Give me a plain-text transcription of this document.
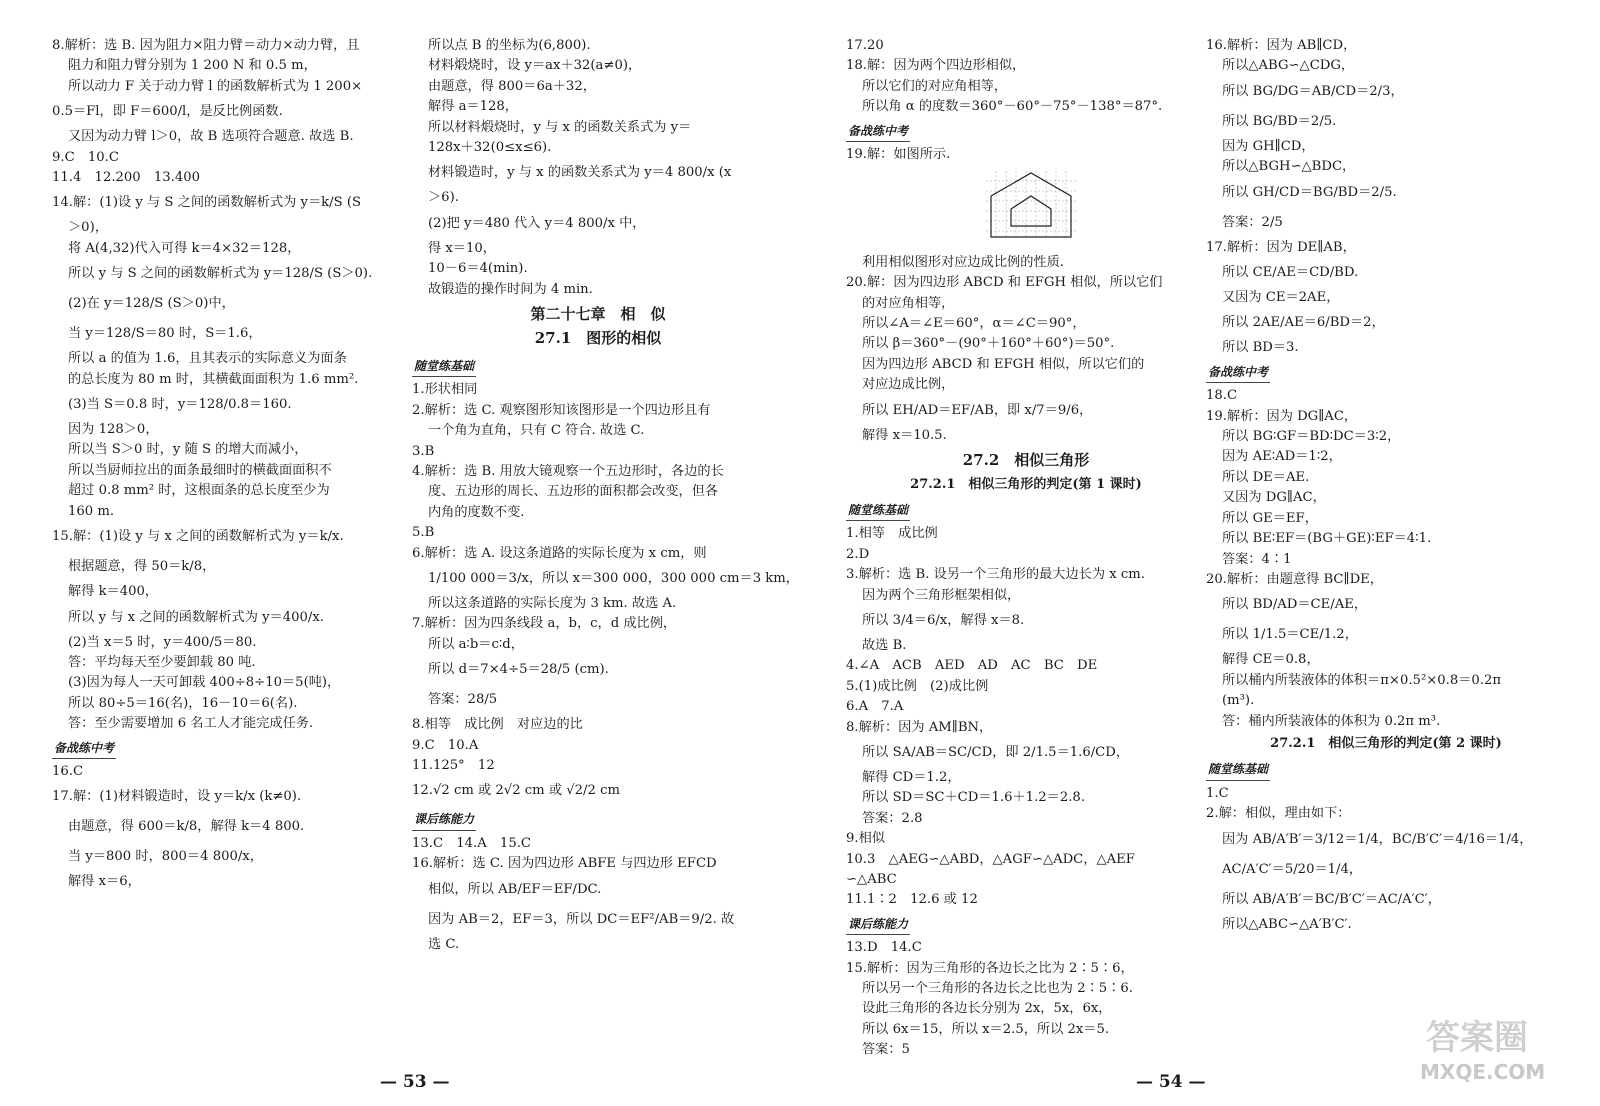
8.解析：选 B. 因为阻力×阻力臂＝动力×动力臂，且

阻力和阻力臂分别为 1 200 N 和 0.5 m，

所以动力 F 关于动力臂 l 的函数解析式为 1 200×

0.5＝Fl，即 F＝600/l，是反比例函数.

又因为动力臂 l＞0，故 B 选项符合题意. 故选 B.

9.C　10.C

11.4　12.200　13.400

14.解：(1)设 y 与 S 之间的函数解析式为 y＝k/S (S

＞0)，

将 A(4,32)代入可得 k＝4×32＝128，

所以 y 与 S 之间的函数解析式为 y＝128/S (S＞0).

(2)在 y＝128/S (S＞0)中，

当 y＝128/S＝80 时，S＝1.6，

所以 a 的值为 1.6，且其表示的实际意义为面条

的总长度为 80 m 时，其横截面面积为 1.6 mm².

(3)当 S＝0.8 时，y＝128/0.8＝160.

因为 128＞0，

所以当 S＞0 时，y 随 S 的增大而减小，

所以当厨师拉出的面条最细时的横截面面积不

超过 0.8 mm² 时，这根面条的总长度至少为

160 m.

15.解：(1)设 y 与 x 之间的函数解析式为 y＝k/x.

根据题意，得 50＝k/8，

解得 k＝400，

所以 y 与 x 之间的函数解析式为 y＝400/x.

(2)当 x＝5 时，y＝400/5＝80.

答：平均每天至少要卸载 80 吨.

(3)因为每人一天可卸载 400÷8÷10＝5(吨)，

所以 80÷5＝16(名)，16－10＝6(名).

答：至少需要增加 6 名工人才能完成任务.

备战练中考

16.C

17.解：(1)材料锻造时，设 y＝k/x (k≠0).

由题意，得 600＝k/8，解得 k＝4 800.

当 y＝800 时，800＝4 800/x，

解得 x＝6，

所以点 B 的坐标为(6,800).

材料煅烧时，设 y＝ax＋32(a≠0)，

由题意，得 800＝6a＋32，

解得 a＝128，

所以材料煅烧时，y 与 x 的函数关系式为 y＝

128x＋32(0≤x≤6).

材料锻造时，y 与 x 的函数关系式为 y＝4 800/x (x

＞6).

(2)把 y＝480 代入 y＝4 800/x 中，

得 x＝10，

10－6＝4(min).

故锻造的操作时间为 4 min.

第二十七章　相　似

27.1　图形的相似

随堂练基础

1.形状相同

2.解析：选 C. 观察图形知该图形是一个四边形且有

一个角为直角，只有 C 符合. 故选 C.

3.B

4.解析：选 B. 用放大镜观察一个五边形时，各边的长

度、五边形的周长、五边形的面积都会改变，但各

内角的度数不变.

5.B

6.解析：选 A. 设这条道路的实际长度为 x cm，则

1/100 000＝3/x，所以 x＝300 000，300 000 cm＝3 km，

所以这条道路的实际长度为 3 km. 故选 A.

7.解析：因为四条线段 a，b，c，d 成比例，

所以 a∶b＝c∶d，

所以 d＝7×4÷5＝28/5 (cm).

答案：28/5

8.相等　成比例　对应边的比

9.C　10.A

11.125°　12

12.√2 cm 或 2√2 cm 或 √2/2 cm

课后练能力

13.C　14.A　15.C

16.解析：选 C. 因为四边形 ABFE 与四边形 EFCD

相似，所以 AB/EF＝EF/DC.

因为 AB＝2，EF＝3，所以 DC＝EF²/AB＝9/2. 故

选 C.

17.20

18.解：因为两个四边形相似，

所以它们的对应角相等，

所以角 α 的度数＝360°－60°－75°－138°＝87°.

备战练中考

19.解：如图所示.

利用相似图形对应边成比例的性质.

20.解：因为四边形 ABCD 和 EFGH 相似，所以它们

的对应角相等，

所以∠A＝∠E＝60°，α＝∠C＝90°，

所以 β＝360°－(90°＋160°＋60°)＝50°.

因为四边形 ABCD 和 EFGH 相似，所以它们的

对应边成比例，

所以 EH/AD＝EF/AB，即 x/7＝9/6，

解得 x＝10.5.

27.2　相似三角形

27.2.1　相似三角形的判定(第 1 课时)

随堂练基础

1.相等　成比例

2.D

3.解析：选 B. 设另一个三角形的最大边长为 x cm.

因为两个三角形框架相似，

所以 3/4＝6/x，解得 x＝8.

故选 B.

4.∠A　ACB　AED　AD　AC　BC　DE

5.(1)成比例　(2)成比例

6.A　7.A

8.解析：因为 AM∥BN，

所以 SA/AB＝SC/CD，即 2/1.5＝1.6/CD，

解得 CD＝1.2，

所以 SD＝SC＋CD＝1.6＋1.2＝2.8.

答案：2.8

9.相似

10.3　△AEG∽△ABD，△AGF∽△ADC，△AEF

∽△ABC

11.1∶2　12.6 或 12

课后练能力

13.D　14.C

15.解析：因为三角形的各边长之比为 2∶5∶6，

所以另一个三角形的各边长之比也为 2∶5∶6.

设此三角形的各边长分别为 2x，5x，6x，

所以 6x＝15，所以 x＝2.5，所以 2x＝5.

答案：5

16.解析：因为 AB∥CD，

所以△ABG∽△CDG，

所以 BG/DG＝AB/CD＝2/3，

所以 BG/BD＝2/5.

因为 GH∥CD，

所以△BGH∽△BDC，

所以 GH/CD＝BG/BD＝2/5.

答案：2/5

17.解析：因为 DE∥AB，

所以 CE/AE＝CD/BD.

又因为 CE＝2AE，

所以 2AE/AE＝6/BD＝2，

所以 BD＝3.

备战练中考

18.C

19.解析：因为 DG∥AC，

所以 BG∶GF＝BD∶DC＝3∶2，

因为 AE∶AD＝1∶2，

所以 DE＝AE.

又因为 DG∥AC，

所以 GE＝EF，

所以 BE∶EF＝(BG＋GE)∶EF＝4∶1.

答案：4∶1

20.解析：由题意得 BC∥DE，

所以 BD/AD＝CE/AE，

所以 1/1.5＝CE/1.2，

解得 CE＝0.8，

所以桶内所装液体的体积＝π×0.5²×0.8＝0.2π

(m³).

答：桶内所装液体的体积为 0.2π m³.

27.2.1　相似三角形的判定(第 2 课时)

随堂练基础

1.C

2.解：相似，理由如下：

因为 AB/A′B′＝3/12＝1/4，BC/B′C′＝4/16＝1/4，

AC/A′C′＝5/20＝1/4，

所以 AB/A′B′＝BC/B′C′＝AC/A′C′，

所以△ABC∽△A′B′C′.

— 53 —	— 54 —
答案圈
MXQE.COM
